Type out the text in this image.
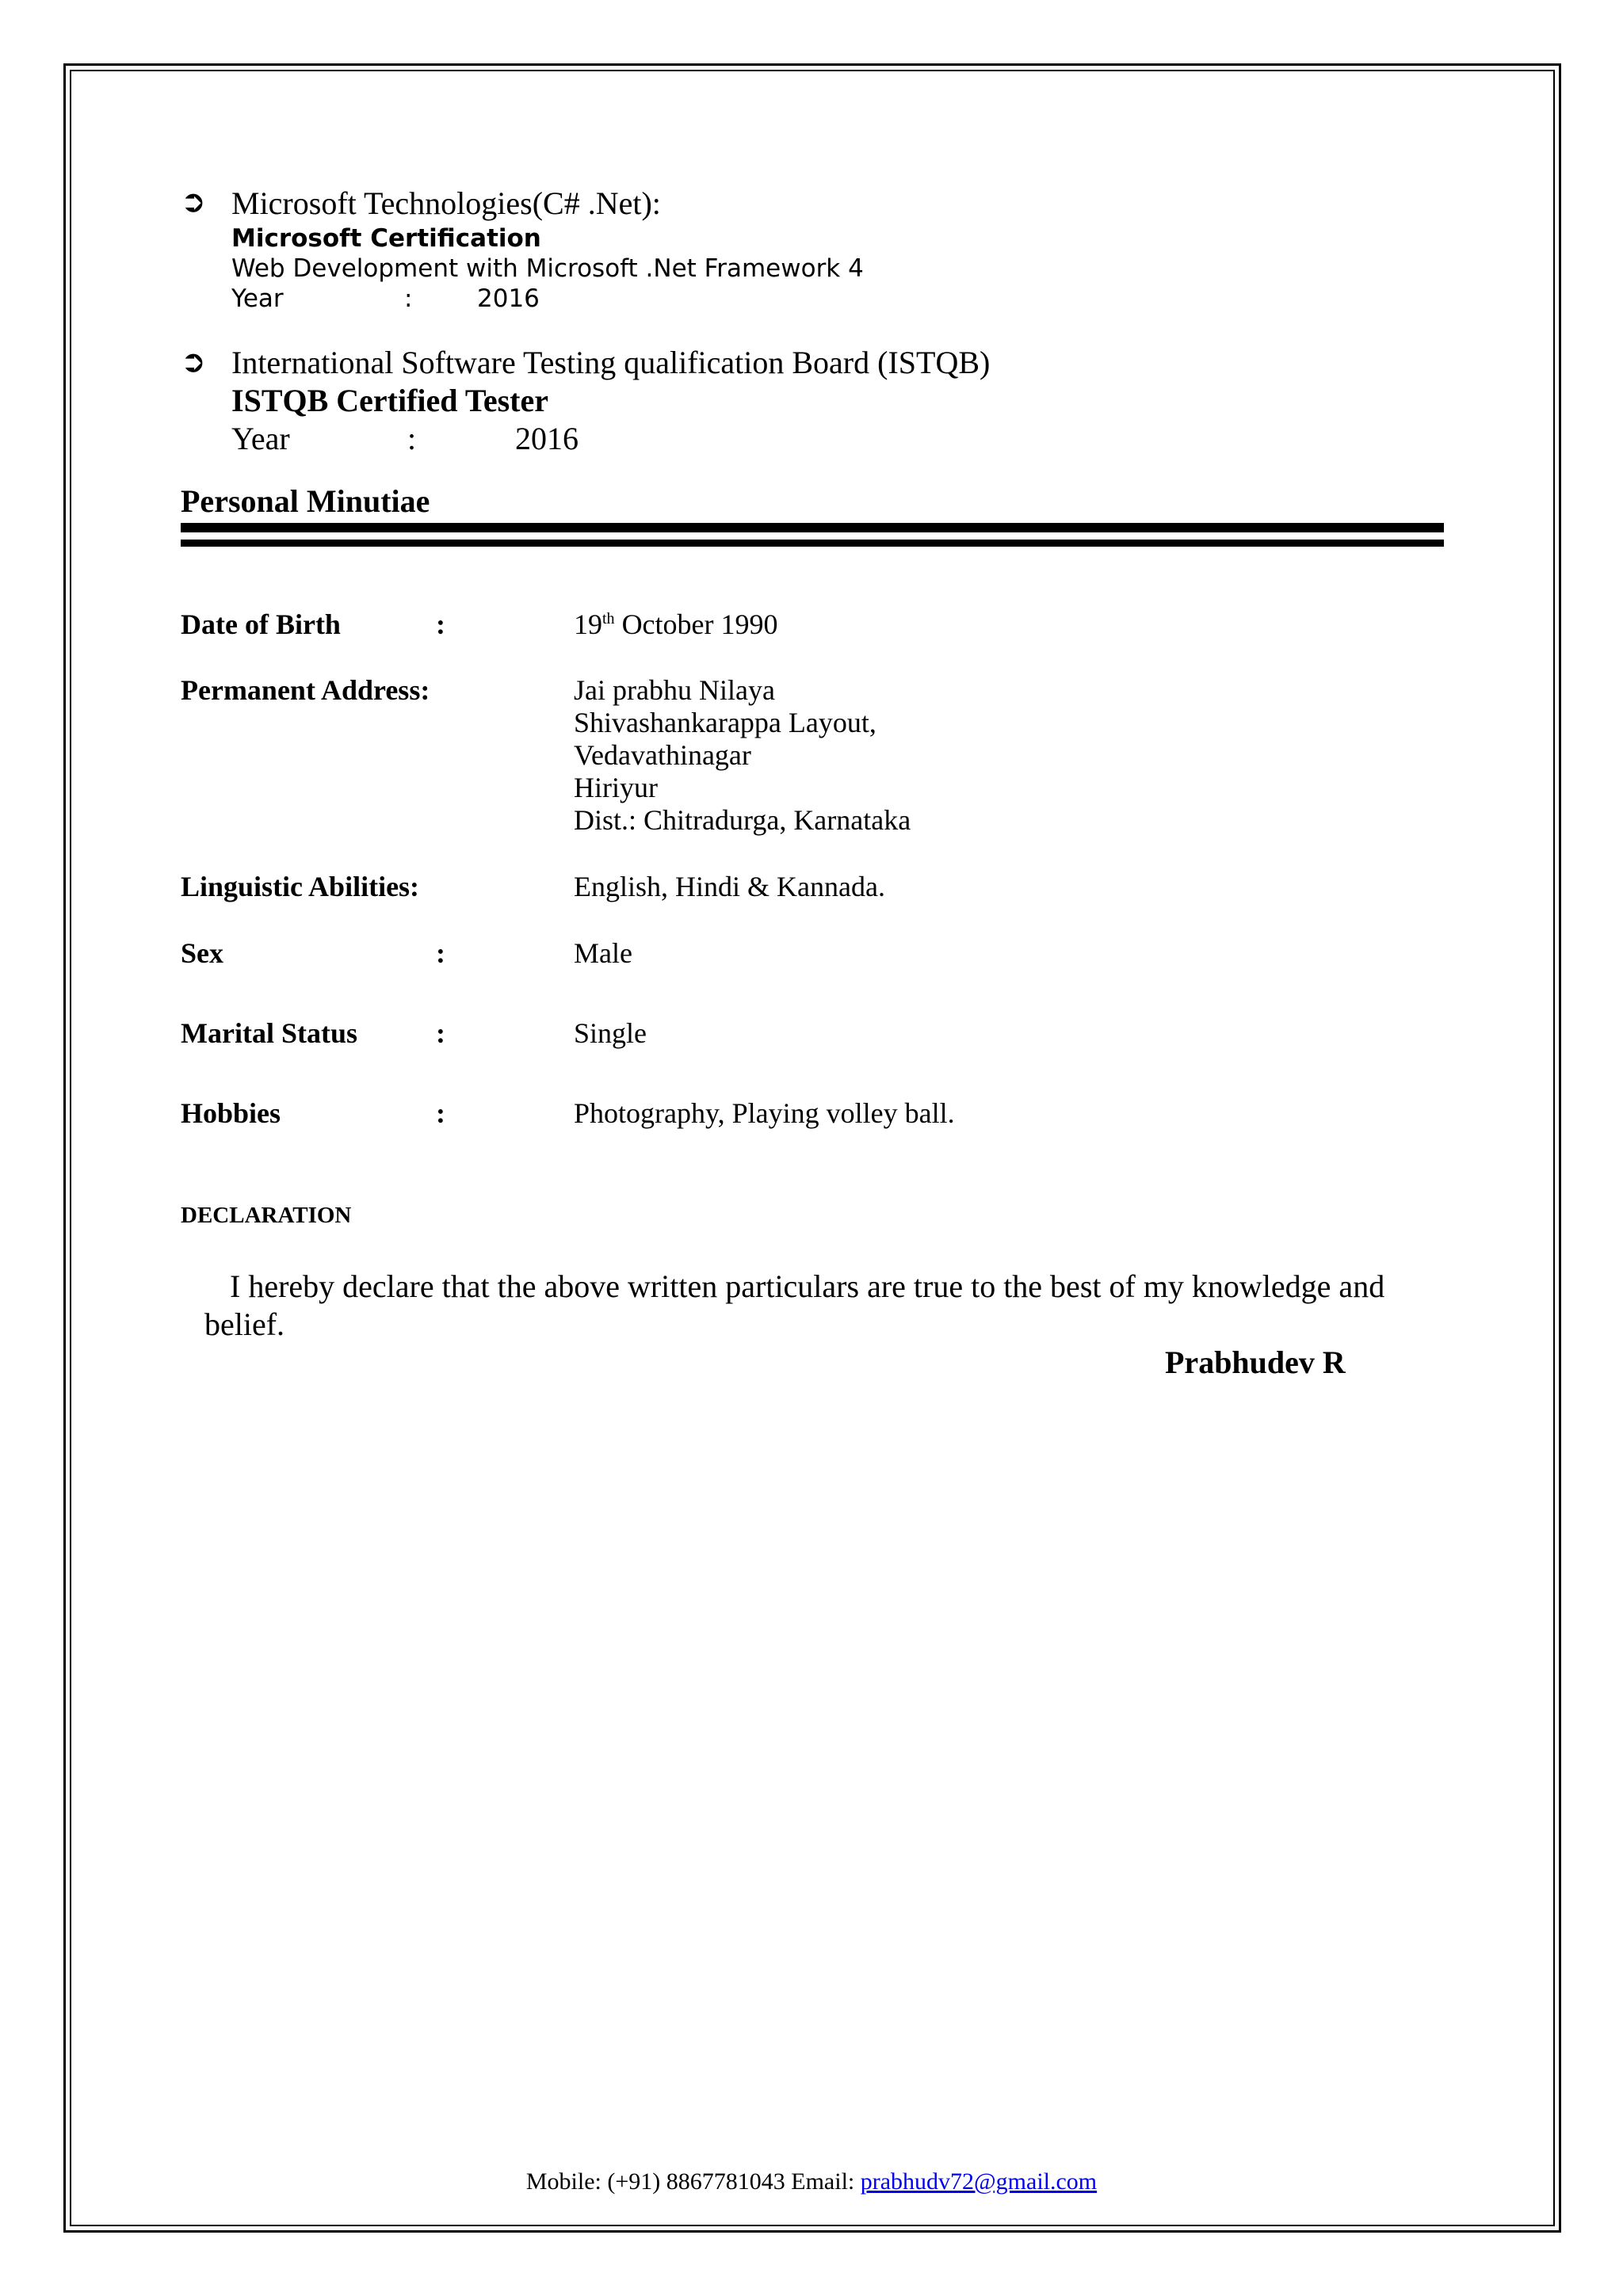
➲ Microsoft Technologies(C# .Net):
Microsoft Certification
Web Development with Microsoft .Net Framework 4
Year	:	2016
➲ International Software Testing qualification Board (ISTQB)
ISTQB Certified Tester
Year	:	2016
Personal Minutiae
Date of Birth	:	19th October 1990
Permanent Address:	Jai prabhu Nilaya
Shivashankarappa Layout,
Vedavathinagar
Hiriyur
Dist.: Chitradurga, Karnataka
Linguistic Abilities:	English, Hindi & Kannada.
Sex	:	Male
Marital Status	:	Single
Hobbies	:	Photography, Playing volley ball.
DECLARATION
I hereby declare that the above written particulars are true to the best of my knowledge and belief.
Prabhudev R
Mobile: (+91) 8867781043 Email: prabhudv72@gmail.com
